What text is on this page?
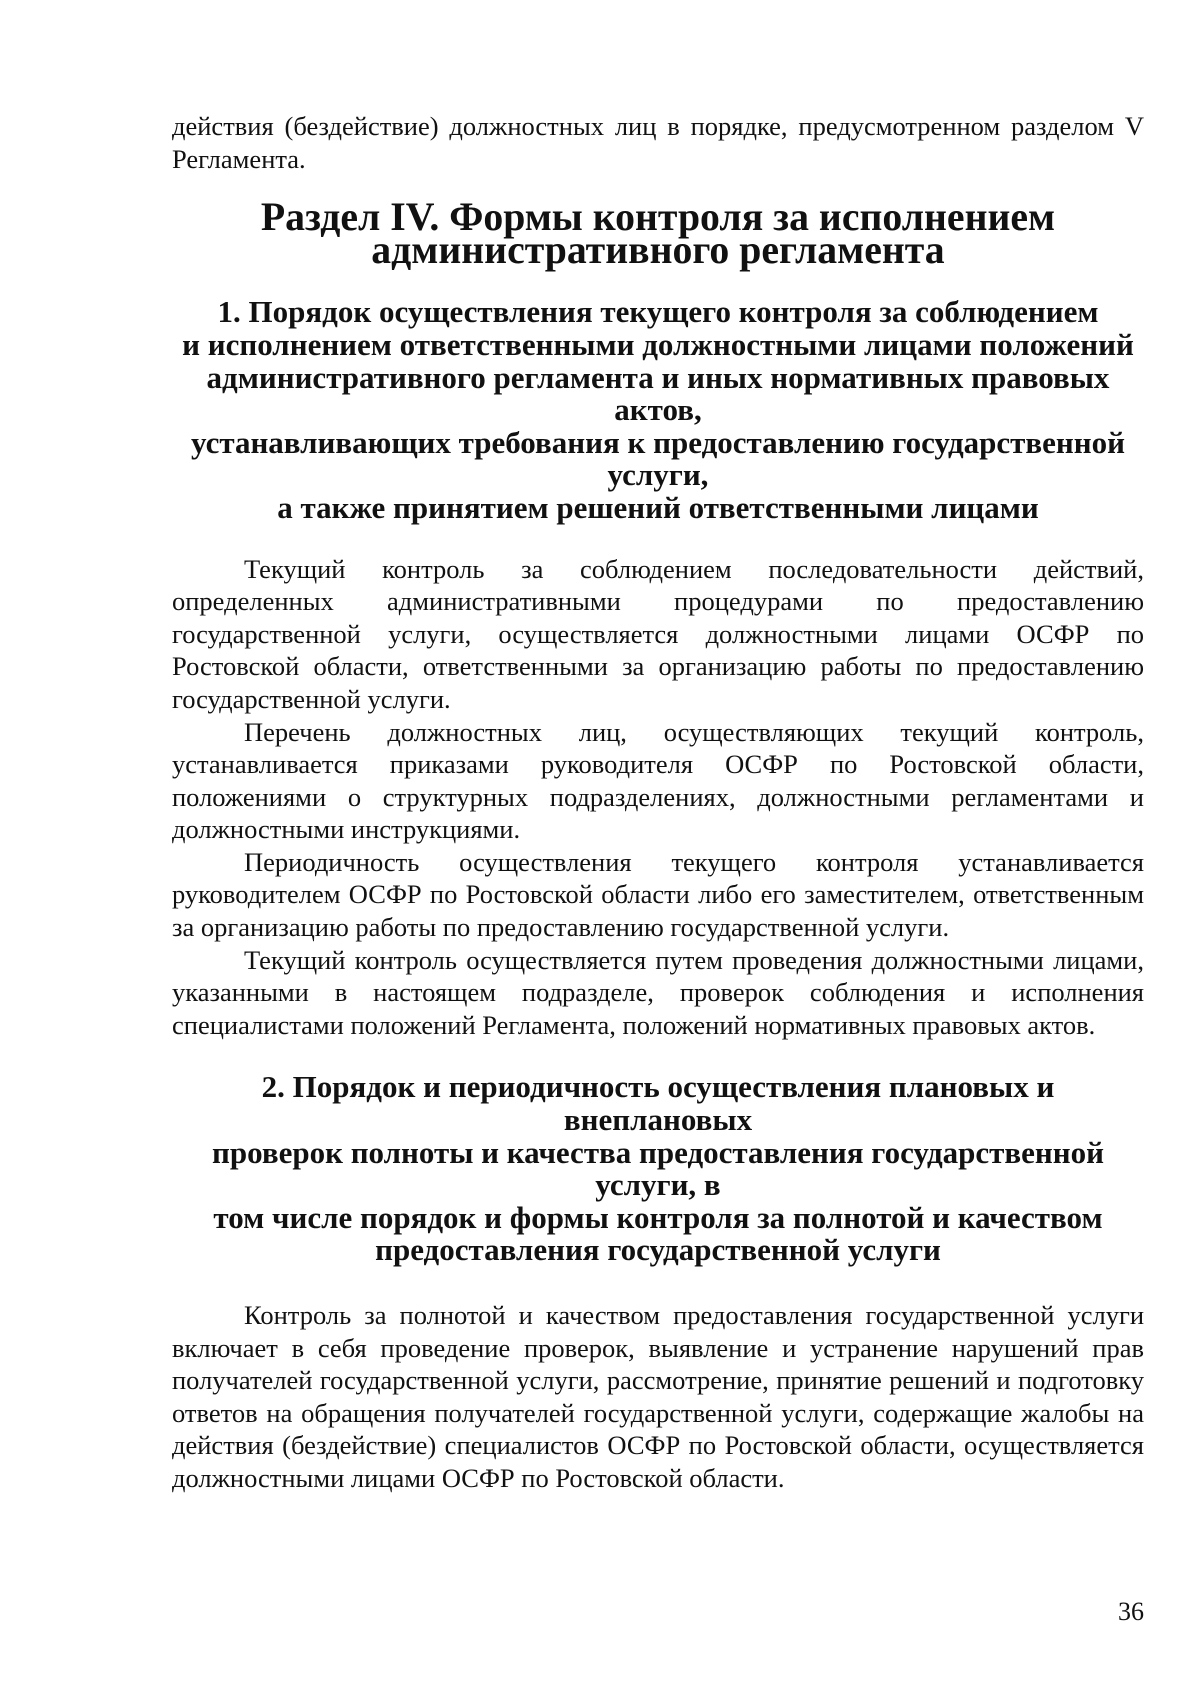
действия (бездействие) должностных лиц в порядке, предусмотренном разделом V Регламента.

Раздел IV. Формы контроля за исполнением
административного регламента
1. Порядок осуществления текущего контроля за соблюдением
и исполнением ответственными должностными лицами положений
административного регламента и иных нормативных правовых актов,
устанавливающих требования к предоставлению государственной услуги,
а также принятием решений ответственными лицами

Текущий контроль за соблюдением последовательности действий, определенных административными процедурами по предоставлению государственной услуги, осуществляется должностными лицами ОСФР по Ростовской области, ответственными за организацию работы по предоставлению государственной услуги.

Перечень должностных лиц, осуществляющих текущий контроль, устанавливается приказами руководителя ОСФР по Ростовской области, положениями о структурных подразделениях, должностными регламентами и должностными инструкциями.

Периодичность осуществления текущего контроля устанавливается руководителем ОСФР по Ростовской области либо его заместителем, ответственным за организацию работы по предоставлению государственной услуги.

Текущий контроль осуществляется путем проведения должностными лицами, указанными в настоящем подразделе, проверок соблюдения и исполнения специалистами положений Регламента, положений нормативных правовых актов.

2. Порядок и периодичность осуществления плановых и внеплановых
проверок полноты и качества предоставления государственной услуги, в
том числе порядок и формы контроля за полнотой и качеством
предоставления государственной услуги

Контроль за полнотой и качеством предоставления государственной услуги включает в себя проведение проверок, выявление и устранение нарушений прав получателей государственной услуги, рассмотрение, принятие решений и подготовку ответов на обращения получателей государственной услуги, содержащие жалобы на действия (бездействие) специалистов ОСФР по Ростовской области, осуществляется должностными лицами ОСФР по Ростовской области.

36
